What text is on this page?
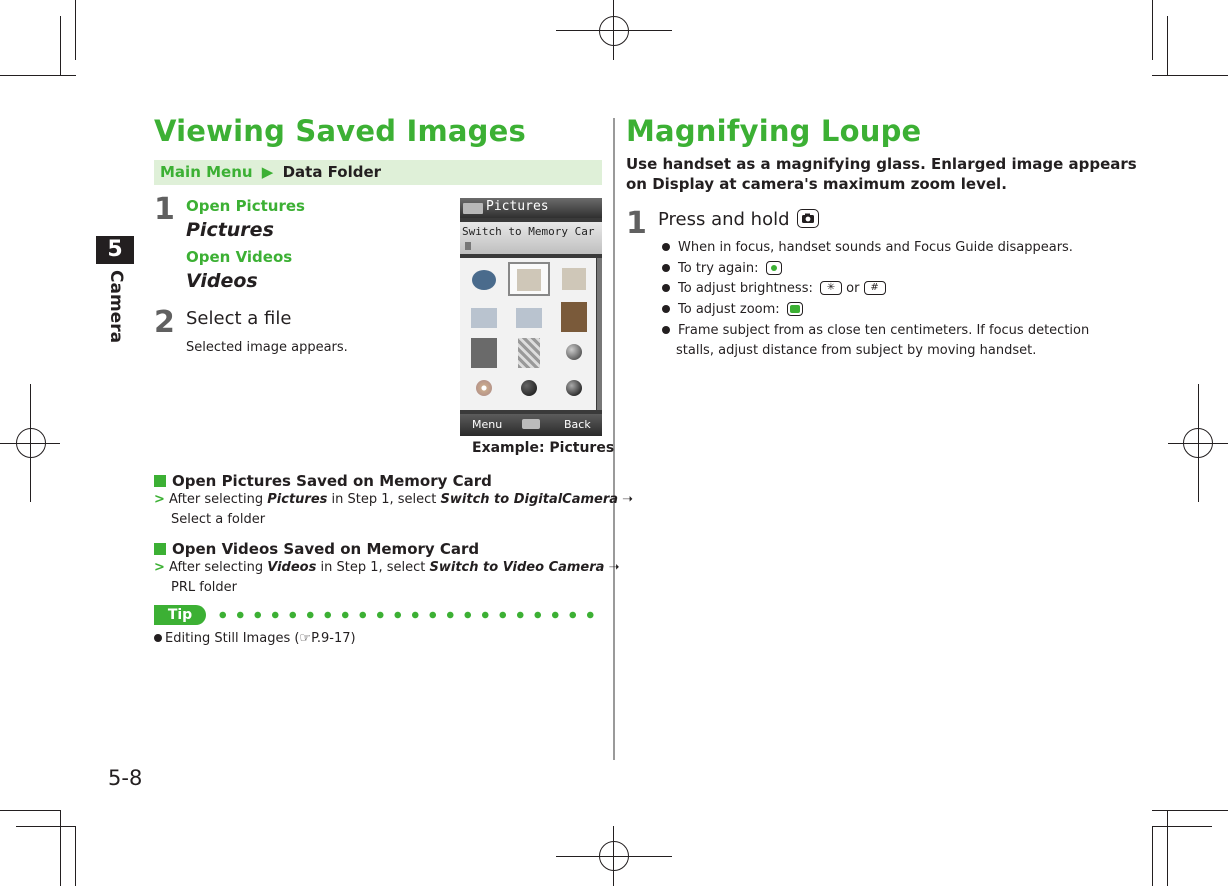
5
Camera
5-8
Viewing Saved Images
Main Menu ▶ Data Folder
1 Open Pictures
Pictures
Open Videos
Videos
2 Select a file
Selected image appears.
Pictures
Switch to Memory Car
Menu	Back
Example: Pictures
Open Pictures Saved on Memory Card
> After selecting Pictures in Step 1, select Switch to DigitalCamera ➝
Select a folder
Open Videos Saved on Memory Card
> After selecting Videos in Step 1, select Switch to Video Camera ➝
PRL folder
Tip
Editing Still Images (☞P.9-17)
Magnifying Loupe
Use handset as a magnifying glass. Enlarged image appears
on Display at camera's maximum zoom level.
1 Press and hold
When in focus, handset sounds and Focus Guide disappears.
To try again:
To adjust brightness: ✳ or #
To adjust zoom:
Frame subject from as close ten centimeters. If focus detection
stalls, adjust distance from subject by moving handset.
